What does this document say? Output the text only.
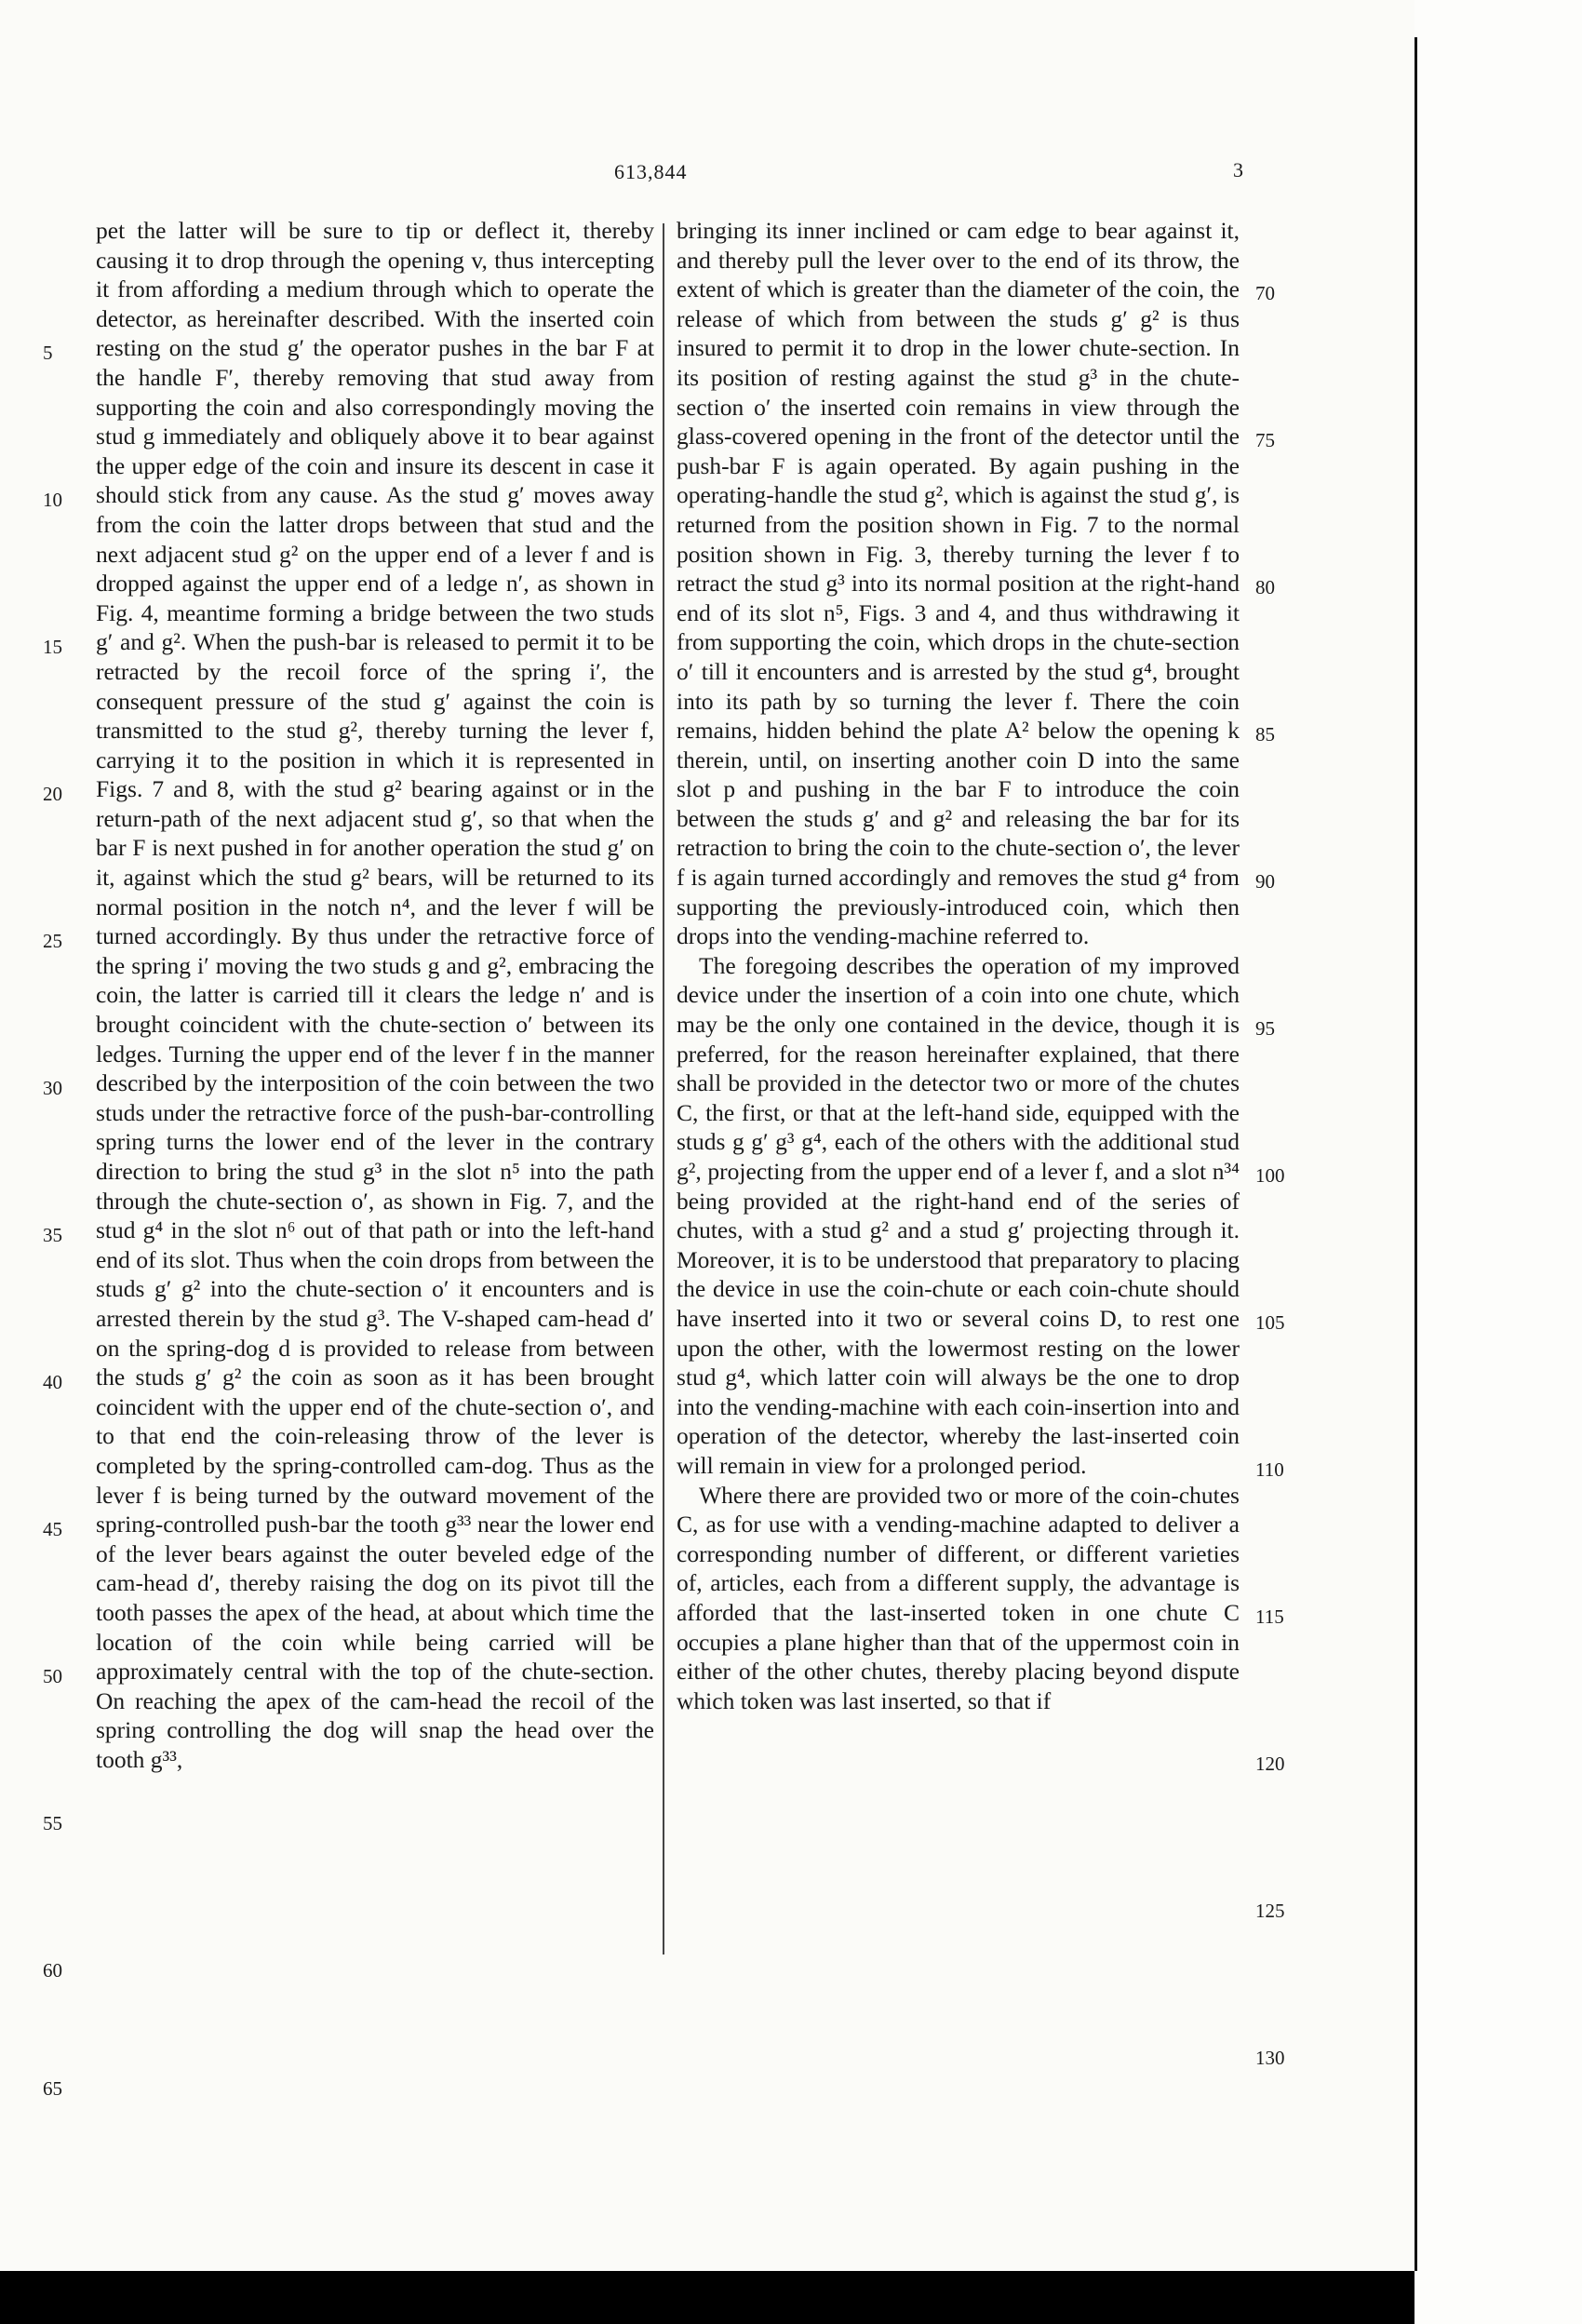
613,844	3

pet the latter will be sure to tip or deflect it, thereby causing it to drop through the opening v, thus intercepting it from affording a medium through which to operate the detector, as hereinafter described. With the inserted coin resting on the stud g′ the operator pushes in the bar F at the handle F′, thereby removing that stud away from supporting the coin and also correspondingly moving the stud g immediately and obliquely above it to bear against the upper edge of the coin and insure its descent in case it should stick from any cause. As the stud g′ moves away from the coin the latter drops between that stud and the next adjacent stud g² on the upper end of a lever f and is dropped against the upper end of a ledge n′, as shown in Fig. 4, meantime forming a bridge between the two studs g′ and g². When the push-bar is released to permit it to be retracted by the recoil force of the spring i′, the consequent pressure of the stud g′ against the coin is transmitted to the stud g², thereby turning the lever f, carrying it to the position in which it is represented in Figs. 7 and 8, with the stud g² bearing against or in the return-path of the next adjacent stud g′, so that when the bar F is next pushed in for another operation the stud g′ on it, against which the stud g² bears, will be returned to its normal position in the notch n⁴, and the lever f will be turned accordingly. By thus under the retractive force of the spring i′ moving the two studs g and g², embracing the coin, the latter is carried till it clears the ledge n′ and is brought coincident with the chute-section o′ between its ledges. Turning the upper end of the lever f in the manner described by the interposition of the coin between the two studs under the retractive force of the push-bar-controlling spring turns the lower end of the lever in the contrary direction to bring the stud g³ in the slot n⁵ into the path through the chute-section o′, as shown in Fig. 7, and the stud g⁴ in the slot n⁶ out of that path or into the left-hand end of its slot. Thus when the coin drops from between the studs g′ g² into the chute-section o′ it encounters and is arrested therein by the stud g³. The V-shaped cam-head d′ on the spring-dog d is provided to release from between the studs g′ g² the coin as soon as it has been brought coincident with the upper end of the chute-section o′, and to that end the coin-releasing throw of the lever is completed by the spring-controlled cam-dog. Thus as the lever f is being turned by the outward movement of the spring-controlled push-bar the tooth g³³ near the lower end of the lever bears against the outer beveled edge of the cam-head d′, thereby raising the dog on its pivot till the tooth passes the apex of the head, at about which time the location of the coin while being carried will be approximately central with the top of the chute-section. On reaching the apex of the cam-head the recoil of the spring controlling the dog will snap the head over the tooth g³³,

bringing its inner inclined or cam edge to bear against it, and thereby pull the lever over to the end of its throw, the extent of which is greater than the diameter of the coin, the release of which from between the studs g′ g² is thus insured to permit it to drop in the lower chute-section. In its position of resting against the stud g³ in the chute-section o′ the inserted coin remains in view through the glass-covered opening in the front of the detector until the push-bar F is again operated. By again pushing in the operating-handle the stud g², which is against the stud g′, is returned from the position shown in Fig. 7 to the normal position shown in Fig. 3, thereby turning the lever f to retract the stud g³ into its normal position at the right-hand end of its slot n⁵, Figs. 3 and 4, and thus withdrawing it from supporting the coin, which drops in the chute-section o′ till it encounters and is arrested by the stud g⁴, brought into its path by so turning the lever f. There the coin remains, hidden behind the plate A² below the opening k therein, until, on inserting another coin D into the same slot p and pushing in the bar F to introduce the coin between the studs g′ and g² and releasing the bar for its retraction to bring the coin to the chute-section o′, the lever f is again turned accordingly and removes the stud g⁴ from supporting the previously-introduced coin, which then drops into the vending-machine referred to.

The foregoing describes the operation of my improved device under the insertion of a coin into one chute, which may be the only one contained in the device, though it is preferred, for the reason hereinafter explained, that there shall be provided in the detector two or more of the chutes C, the first, or that at the left-hand side, equipped with the studs g g′ g³ g⁴, each of the others with the additional stud g², projecting from the upper end of a lever f, and a slot n³⁴ being provided at the right-hand end of the series of chutes, with a stud g² and a stud g′ projecting through it. Moreover, it is to be understood that preparatory to placing the device in use the coin-chute or each coin-chute should have inserted into it two or several coins D, to rest one upon the other, with the lowermost resting on the lower stud g⁴, which latter coin will always be the one to drop into the vending-machine with each coin-insertion into and operation of the detector, whereby the last-inserted coin will remain in view for a prolonged period.

Where there are provided two or more of the coin-chutes C, as for use with a vending-machine adapted to deliver a corresponding number of different, or different varieties of, articles, each from a different supply, the advantage is afforded that the last-inserted token in one chute C occupies a plane higher than that of the uppermost coin in either of the other chutes, thereby placing beyond dispute which token was last inserted, so that if

5
10
15
20
25
30
35
40
45
50
55
60
65
70
75
80
85
90
95
100
105
110
115
120
125
130
